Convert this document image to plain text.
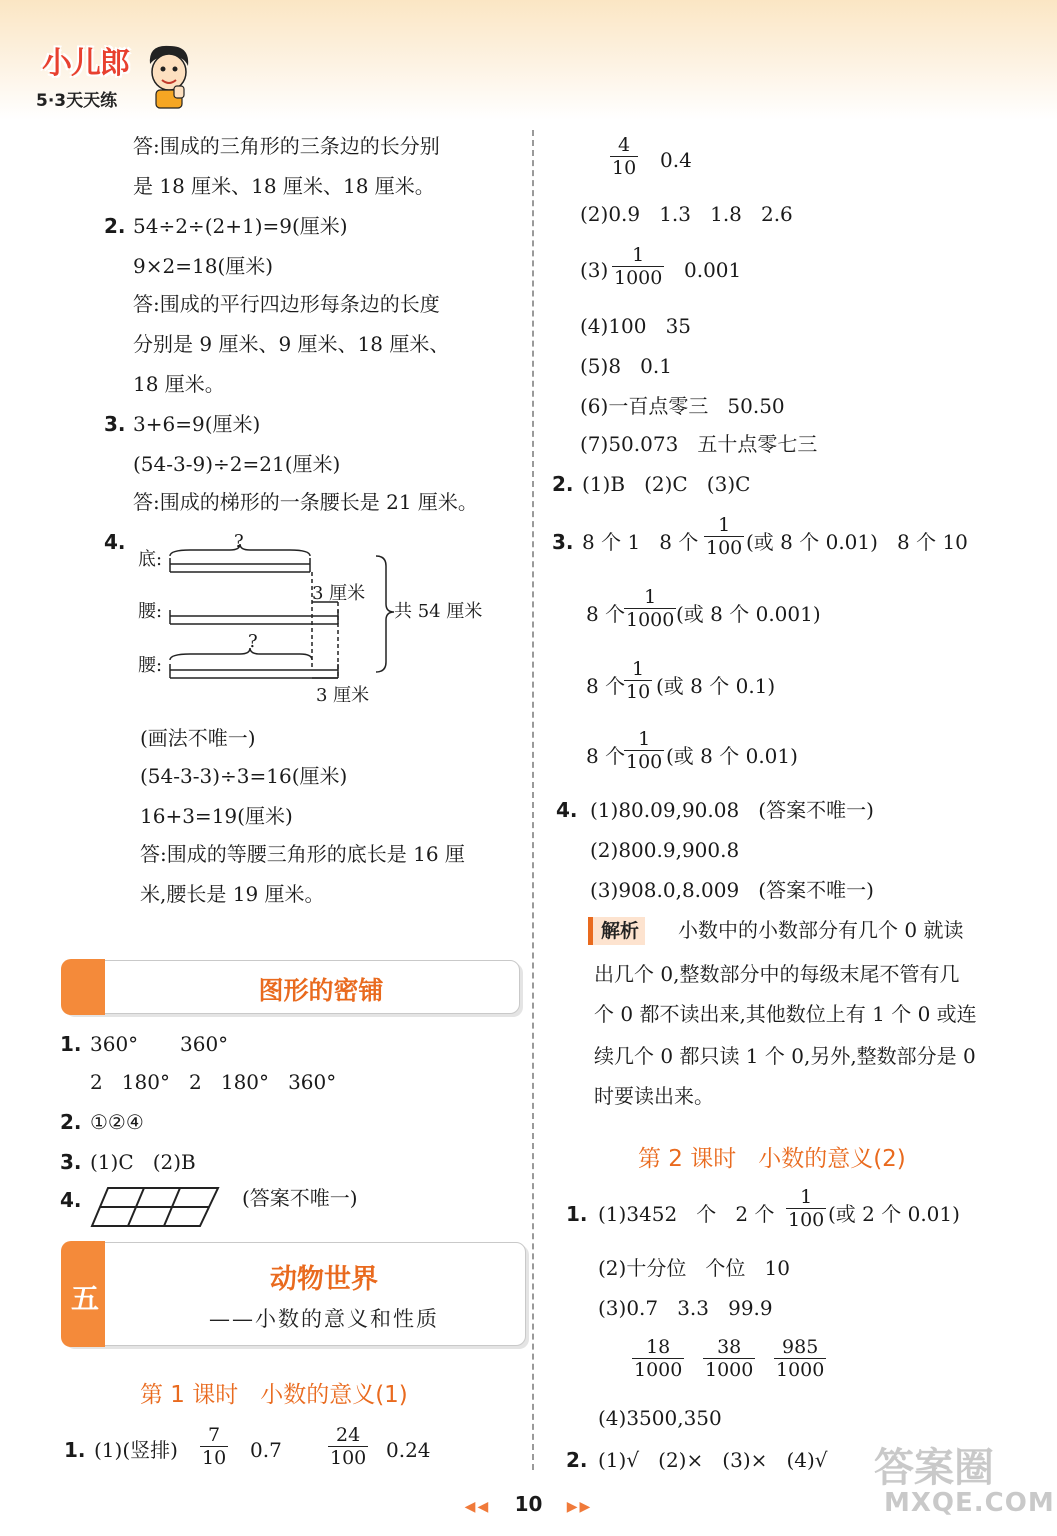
小儿郎
5·3天天练
答:围成的三角形的三条边的长分别
是 18 厘米、18 厘米、18 厘米。
2. 54÷2÷(2+1)=9(厘米)
9×2=18(厘米)
答:围成的平行四边形每条边的长度
分别是 9 厘米、9 厘米、18 厘米、
18 厘米。
3. 3+6=9(厘米)
(54-3-9)÷2=21(厘米)
答:围成的梯形的一条腰长是 21 厘米。
4.
底:
腰:
腰:
?
?
3 厘米
3 厘米
共 54 厘米
(画法不唯一)
(54-3-3)÷3=16(厘米)
16+3=19(厘米)
答:围成的等腰三角形的底长是 16 厘
米,腰长是 19 厘米。
图形的密铺
1. 360° 360°
2   180°   2   180°   360°
2. ①②④
3. (1)C   (2)B
4.	(答案不唯一)
五
动物世界
——小数的意义和性质
第 1 课时   小数的意义(1)
1. (1)(竖排) $\frac{7}{10} 0.7 \frac{24}{100} 0.24$
$\frac{4}{10} 0.4$
(2)0.9   1.3   1.8   2.6
$(3) \frac{1}{1000} 0.001$
(4)100   35
(5)8   0.1
(6)一百点零三   50.50
(7)50.073   五十点零七三
2. (1)B   (2)C   (3)C
3. 8 个 1   8 个 $\frac{1}{100}$ (或 8 个 0.01)   8 个 10
8 个
$\frac{1}{1000}$ (或 8 个 0.001)
8 个
$\frac{1}{10}$ (或 8 个 0.1)
8 个
$\frac{1}{100}$ (或 8 个 0.01)
4. (1)80.09,90.08   (答案不唯一)
(2)800.9,900.8
(3)908.0,8.009   (答案不唯一)
解析	小数中的小数部分有几个 0 就读
出几个 0,整数部分中的每级末尾不管有几
个 0 都不读出来,其他数位上有 1 个 0 或连
续几个 0 都只读 1 个 0,另外,整数部分是 0
时要读出来。
第 2 课时   小数的意义(2)
1. (1)3452   个   2 个 $\frac{1}{100}$ (或 2 个 0.01)
(2)十分位   个位   10
(3)0.7   3.3   99.9
$\frac{18}{1000} \frac{38}{1000} \frac{985}{1000}$
(4)3500,350
2. (1)√   (2)×   (3)×   (4)√
◀◀ 10 ▶▶
答案圈
MXQE.COM
